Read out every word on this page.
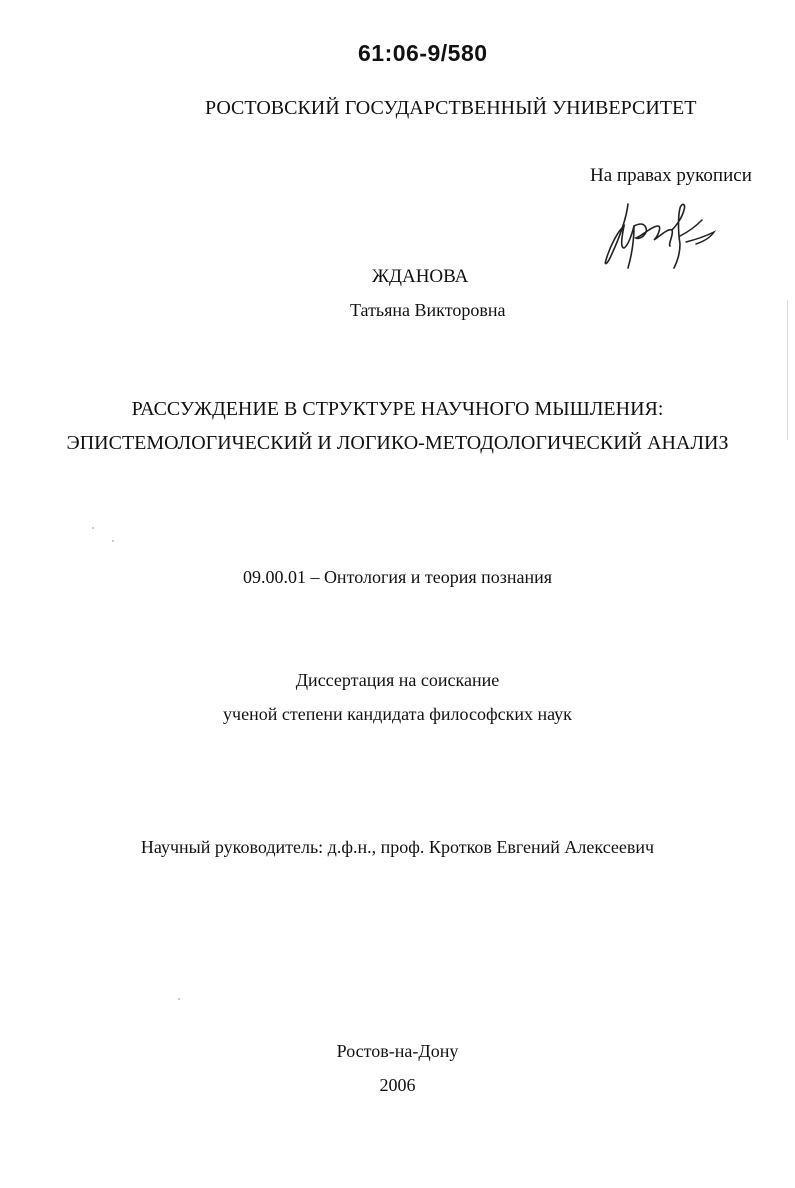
61:06-9/580
РОСТОВСКИЙ ГОСУДАРСТВЕННЫЙ УНИВЕРСИТЕТ
На правах рукописи
ЖДАНОВА
Татьяна Викторовна
РАССУЖДЕНИЕ В СТРУКТУРЕ НАУЧНОГО МЫШЛЕНИЯ:
ЭПИСТЕМОЛОГИЧЕСКИЙ И ЛОГИКО-МЕТОДОЛОГИЧЕСКИЙ АНАЛИЗ
09.00.01 – Онтология и теория познания
Диссертация на соискание
ученой степени кандидата философских наук
Научный руководитель: д.ф.н., проф. Кротков Евгений Алексеевич
Ростов-на-Дону
2006
